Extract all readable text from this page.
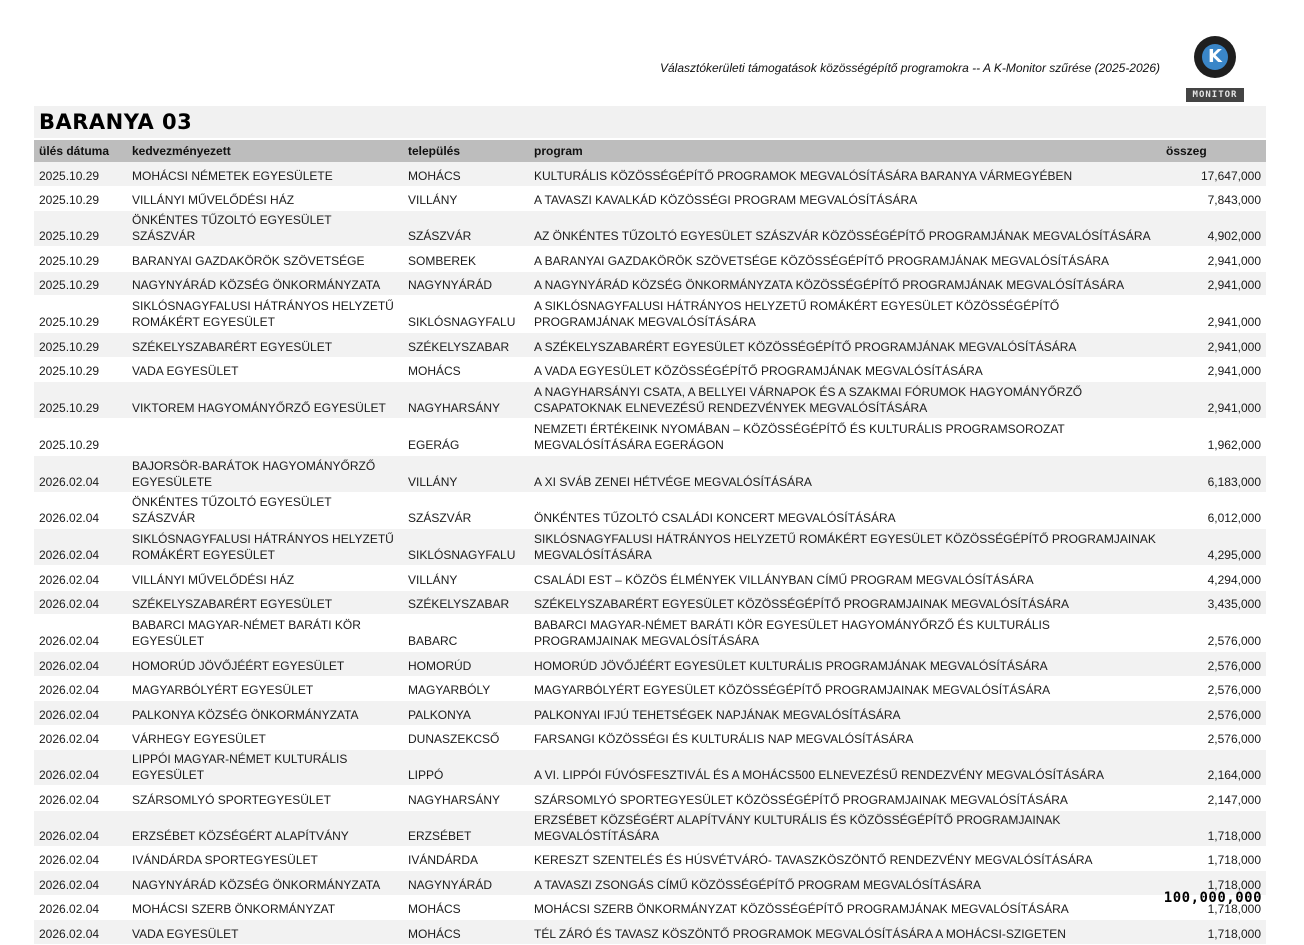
Választókerületi támogatások közösségépítő programokra -- A K-Monitor szűrése (2025-2026)
K
MONITOR
BARANYA 03
ülés dátuma	kedvezményezett	település	program	összeg
2025.10.29	MOHÁCSI NÉMETEK EGYESÜLETE	MOHÁCS	KULTURÁLIS KÖZÖSSÉGÉPÍTŐ PROGRAMOK MEGVALÓSÍTÁSÁRA BARANYA VÁRMEGYÉBEN	17,647,000
2025.10.29	VILLÁNYI MŰVELŐDÉSI HÁZ	VILLÁNY	A TAVASZI KAVALKÁD KÖZÖSSÉGI PROGRAM MEGVALÓSÍTÁSÁRA	7,843,000
2025.10.29	ÖNKÉNTES TŰZOLTÓ EGYESÜLET SZÁSZVÁR	SZÁSZVÁR	AZ ÖNKÉNTES TŰZOLTÓ EGYESÜLET SZÁSZVÁR KÖZÖSSÉGÉPÍTŐ PROGRAMJÁNAK MEGVALÓSÍTÁSÁRA	4,902,000
2025.10.29	BARANYAI GAZDAKÖRÖK SZÖVETSÉGE	SOMBEREK	A BARANYAI GAZDAKÖRÖK SZÖVETSÉGE KÖZÖSSÉGÉPÍTŐ PROGRAMJÁNAK MEGVALÓSÍTÁSÁRA	2,941,000
2025.10.29	NAGYNYÁRÁD KÖZSÉG ÖNKORMÁNYZATA	NAGYNYÁRÁD	A NAGYNYÁRÁD KÖZSÉG ÖNKORMÁNYZATA KÖZÖSSÉGÉPÍTŐ PROGRAMJÁNAK MEGVALÓSÍTÁSÁRA	2,941,000
2025.10.29	SIKLÓSNAGYFALUSI HÁTRÁNYOS HELYZETŰ ROMÁKÉRT EGYESÜLET	SIKLÓSNAGYFALU	A SIKLÓSNAGYFALUSI HÁTRÁNYOS HELYZETŰ ROMÁKÉRT EGYESÜLET KÖZÖSSÉGÉPÍTŐ PROGRAMJÁNAK MEGVALÓSÍTÁSÁRA	2,941,000
2025.10.29	SZÉKELYSZABARÉRT EGYESÜLET	SZÉKELYSZABAR	A SZÉKELYSZABARÉRT EGYESÜLET KÖZÖSSÉGÉPÍTŐ PROGRAMJÁNAK MEGVALÓSÍTÁSÁRA	2,941,000
2025.10.29	VADA EGYESÜLET	MOHÁCS	A VADA EGYESÜLET KÖZÖSSÉGÉPÍTŐ PROGRAMJÁNAK MEGVALÓSÍTÁSÁRA	2,941,000
2025.10.29	VIKTOREM HAGYOMÁNYŐRZŐ EGYESÜLET	NAGYHARSÁNY	A NAGYHARSÁNYI CSATA, A BELLYEI VÁRNAPOK ÉS A SZAKMAI FÓRUMOK HAGYOMÁNYŐRZŐ CSAPATOKNAK ELNEVEZÉSŰ RENDEZVÉNYEK MEGVALÓSÍTÁSÁRA	2,941,000
2025.10.29		EGERÁG	NEMZETI ÉRTÉKEINK NYOMÁBAN – KÖZÖSSÉGÉPÍTŐ ÉS KULTURÁLIS PROGRAMSOROZAT MEGVALÓSÍTÁSÁRA EGERÁGON	1,962,000
2026.02.04	BAJORSÖR-BARÁTOK HAGYOMÁNYŐRZŐ EGYESÜLETE	VILLÁNY	A XI SVÁB ZENEI HÉTVÉGE MEGVALÓSÍTÁSÁRA	6,183,000
2026.02.04	ÖNKÉNTES TŰZOLTÓ EGYESÜLET SZÁSZVÁR	SZÁSZVÁR	ÖNKÉNTES TŰZOLTÓ CSALÁDI KONCERT MEGVALÓSÍTÁSÁRA	6,012,000
2026.02.04	SIKLÓSNAGYFALUSI HÁTRÁNYOS HELYZETŰ ROMÁKÉRT EGYESÜLET	SIKLÓSNAGYFALU	SIKLÓSNAGYFALUSI HÁTRÁNYOS HELYZETŰ ROMÁKÉRT EGYESÜLET KÖZÖSSÉGÉPÍTŐ PROGRAMJAINAK MEGVALÓSÍTÁSÁRA	4,295,000
2026.02.04	VILLÁNYI MŰVELŐDÉSI HÁZ	VILLÁNY	CSALÁDI EST – KÖZÖS ÉLMÉNYEK VILLÁNYBAN CÍMŰ PROGRAM MEGVALÓSÍTÁSÁRA	4,294,000
2026.02.04	SZÉKELYSZABARÉRT EGYESÜLET	SZÉKELYSZABAR	SZÉKELYSZABARÉRT EGYESÜLET KÖZÖSSÉGÉPÍTŐ PROGRAMJAINAK MEGVALÓSÍTÁSÁRA	3,435,000
2026.02.04	BABARCI MAGYAR-NÉMET BARÁTI KÖR EGYESÜLET	BABARC	BABARCI MAGYAR-NÉMET BARÁTI KÖR EGYESÜLET HAGYOMÁNYŐRZŐ ÉS KULTURÁLIS PROGRAMJAINAK MEGVALÓSÍTÁSÁRA	2,576,000
2026.02.04	HOMORÚD JÖVŐJÉÉRT EGYESÜLET	HOMORÚD	HOMORÚD JÖVŐJÉÉRT EGYESÜLET KULTURÁLIS PROGRAMJÁNAK MEGVALÓSÍTÁSÁRA	2,576,000
2026.02.04	MAGYARBÓLYÉRT EGYESÜLET	MAGYARBÓLY	MAGYARBÓLYÉRT EGYESÜLET KÖZÖSSÉGÉPÍTŐ PROGRAMJAINAK MEGVALÓSÍTÁSÁRA	2,576,000
2026.02.04	PALKONYA KÖZSÉG ÖNKORMÁNYZATA	PALKONYA	PALKONYAI IFJÚ TEHETSÉGEK NAPJÁNAK MEGVALÓSÍTÁSÁRA	2,576,000
2026.02.04	VÁRHEGY EGYESÜLET	DUNASZEKCSŐ	FARSANGI KÖZÖSSÉGI ÉS KULTURÁLIS NAP MEGVALÓSÍTÁSÁRA	2,576,000
2026.02.04	LIPPÓI MAGYAR-NÉMET KULTURÁLIS EGYESÜLET	LIPPÓ	A VI. LIPPÓI FÚVÓSFESZTIVÁL ÉS A MOHÁCS500 ELNEVEZÉSŰ RENDEZVÉNY MEGVALÓSÍTÁSÁRA	2,164,000
2026.02.04	SZÁRSOMLYÓ SPORTEGYESÜLET	NAGYHARSÁNY	SZÁRSOMLYÓ SPORTEGYESÜLET KÖZÖSSÉGÉPÍTŐ PROGRAMJAINAK MEGVALÓSÍTÁSÁRA	2,147,000
2026.02.04	ERZSÉBET KÖZSÉGÉRT ALAPÍTVÁNY	ERZSÉBET	ERZSÉBET KÖZSÉGÉRT ALAPÍTVÁNY KULTURÁLIS ÉS KÖZÖSSÉGÉPÍTŐ PROGRAMJAINAK MEGVALÓSTÍTÁSÁRA	1,718,000
2026.02.04	IVÁNDÁRDA SPORTEGYESÜLET	IVÁNDÁRDA	KERESZT SZENTELÉS ÉS HÚSVÉTVÁRÓ- TAVASZKÖSZÖNTŐ RENDEZVÉNY MEGVALÓSÍTÁSÁRA	1,718,000
2026.02.04	NAGYNYÁRÁD KÖZSÉG ÖNKORMÁNYZATA	NAGYNYÁRÁD	A TAVASZI ZSONGÁS CÍMŰ KÖZÖSSÉGÉPÍTŐ PROGRAM MEGVALÓSÍTÁSÁRA	1,718,000
2026.02.04	MOHÁCSI SZERB ÖNKORMÁNYZAT	MOHÁCS	MOHÁCSI SZERB ÖNKORMÁNYZAT KÖZÖSSÉGÉPÍTŐ PROGRAMJÁNAK MEGVALÓSÍTÁSÁRA	1,718,000
2026.02.04	VADA EGYESÜLET	MOHÁCS	TÉL ZÁRÓ ÉS TAVASZ KÖSZÖNTŐ PROGRAMOK MEGVALÓSÍTÁSÁRA A MOHÁCSI-SZIGETEN	1,718,000
100,000,000
